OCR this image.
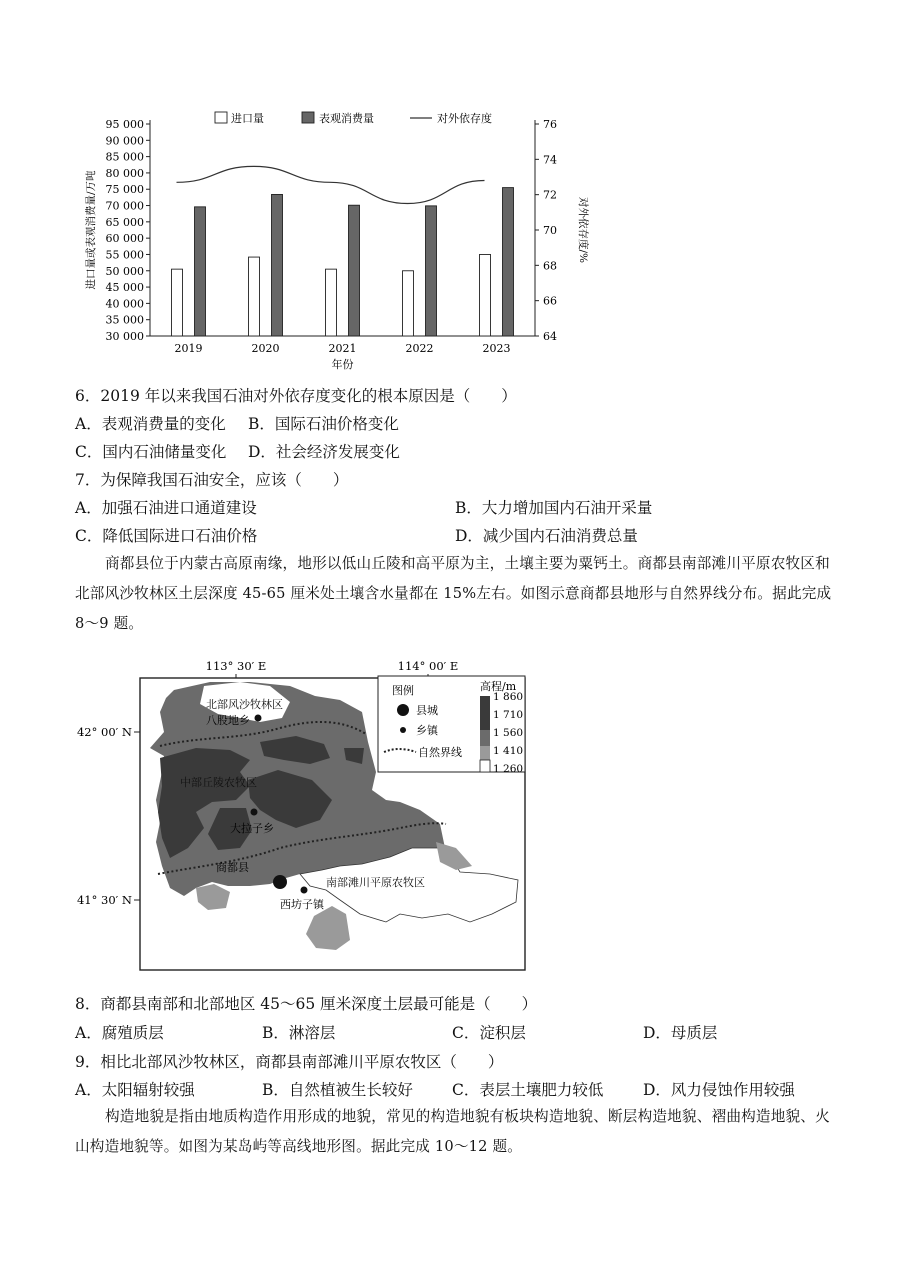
30 000
35 000
40 000
45 000
50 000
55 000
60 000
65 000
70 000
75 000
80 000
85 000
90 000
95 000
64
66
68
70
72
74
76
2019	2020	2021	2022	2023
进口量	表观消费量	对外依存度
年份
进口量或表观消费量/万吨	对外依存度/%
6．2019 年以来我国石油对外依存度变化的根本原因是（　　）
A．表观消费量的变化 B．国际石油价格变化
C．国内石油储量变化 D．社会经济发展变化
7．为保障我国石油安全，应该（　　）
A．加强石油进口通道建设	B．大力增加国内石油开采量
C．降低国际进口石油价格	D．减少国内石油消费总量
商都县位于内蒙古高原南缘，地形以低山丘陵和高平原为主，土壤主要为粟钙土。商都县南部滩川平原农牧区和北部风沙牧林区土层深度 45-65 厘米处土壤含水量都在 15%左右。如图示意商都县地形与自然界线分布。据此完成 8～9 题。
113° 30′ E	114° 00′ E
42° 00′ N
41° 30′ N
北部风沙牧林区
中部丘陵农牧区
南部滩川平原农牧区
八股地乡
大拉子乡
商都县
西坊子镇
图例
县城
乡镇
自然界线
高程/m
1 860
1 710
1 560
1 410
1 260
8．商都县南部和北部地区 45～65 厘米深度土层最可能是（　　）
A．腐殖质层	B．淋溶层	C．淀积层	D．母质层
9．相比北部风沙牧林区，商都县南部滩川平原农牧区（　　）
A．太阳辐射较强	B．自然植被生长较好	C．表层土壤肥力较低	D．风力侵蚀作用较强
构造地貌是指由地质构造作用形成的地貌，常见的构造地貌有板块构造地貌、断层构造地貌、褶曲构造地貌、火山构造地貌等。如图为某岛屿等高线地形图。据此完成 10～12 题。
